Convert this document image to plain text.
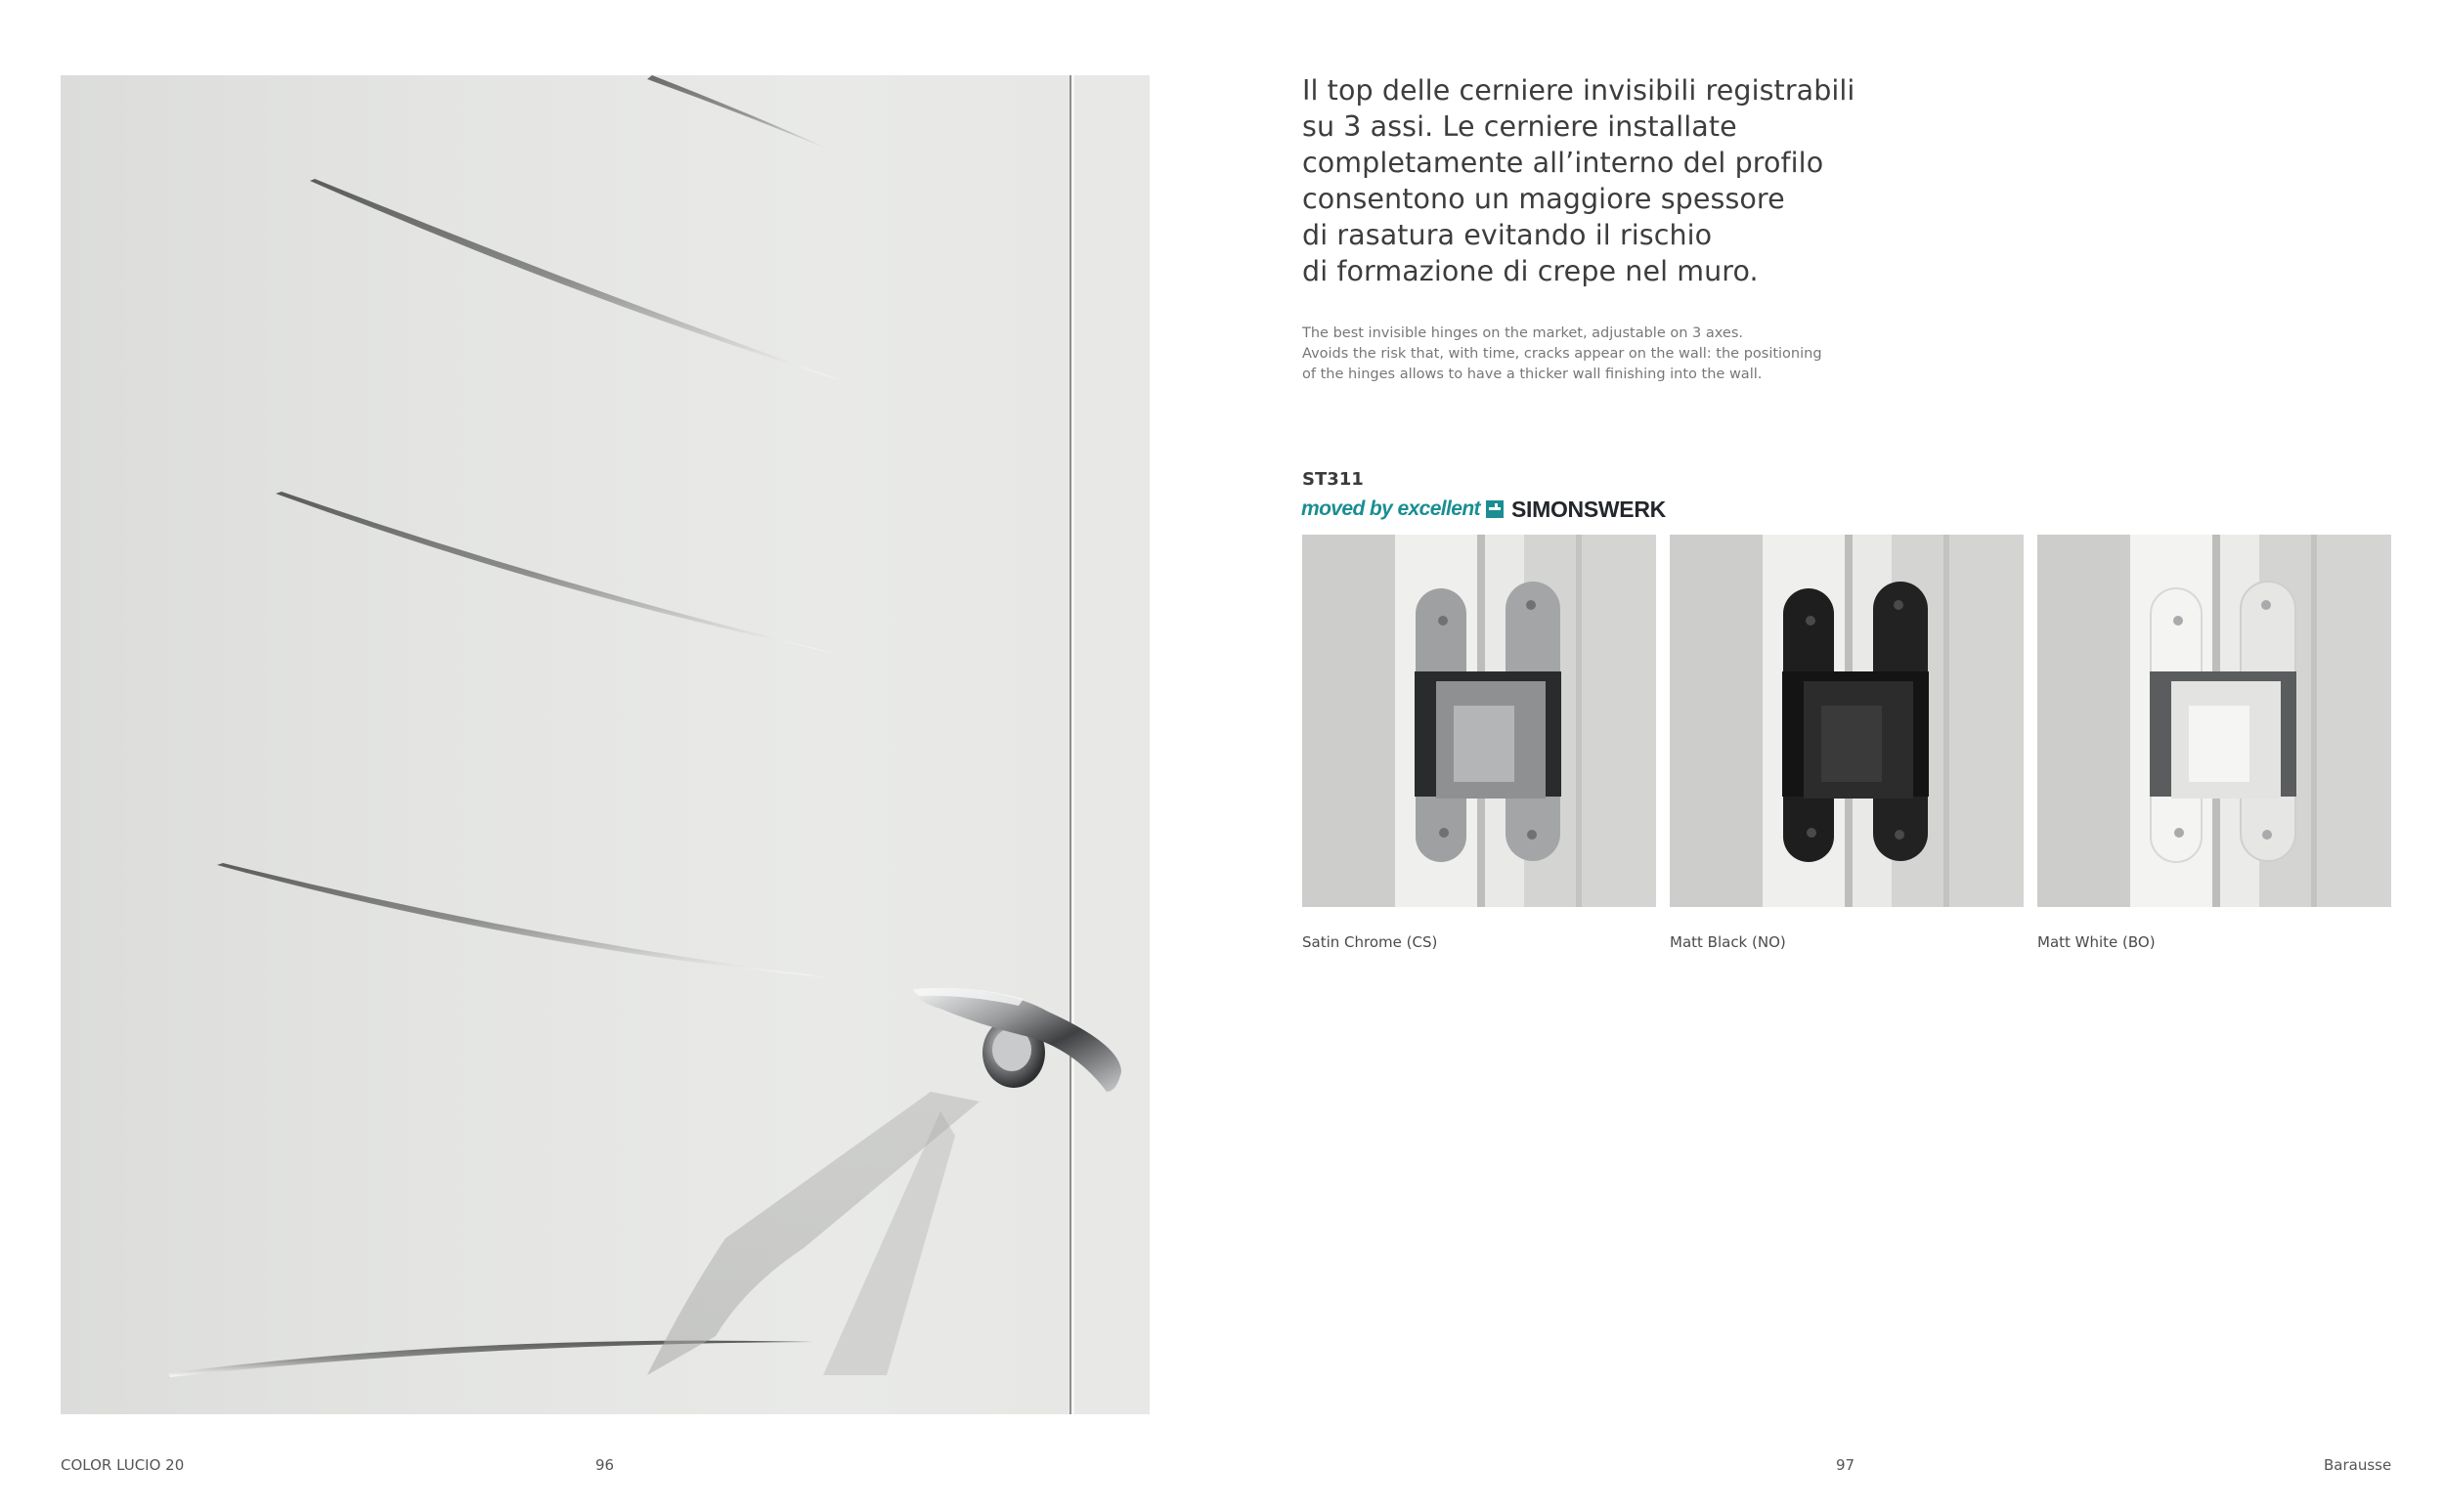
Il top delle cerniere invisibili registrabili
su 3 assi. Le cerniere installate
completamente all’interno del profilo
consentono un maggiore spessore
di rasatura evitando il rischio
di formazione di crepe nel muro.
The best invisible hinges on the market, adjustable on 3 axes.
Avoids the risk that, with time, cracks appear on the wall: the positioning
of the hinges allows to have a thicker wall finishing into the wall.
ST311
moved by excellent SIMONSWERK
Satin Chrome (CS)	Matt Black (NO)	Matt White (BO)
COLOR LUCIO 20	96	97	Barausse
